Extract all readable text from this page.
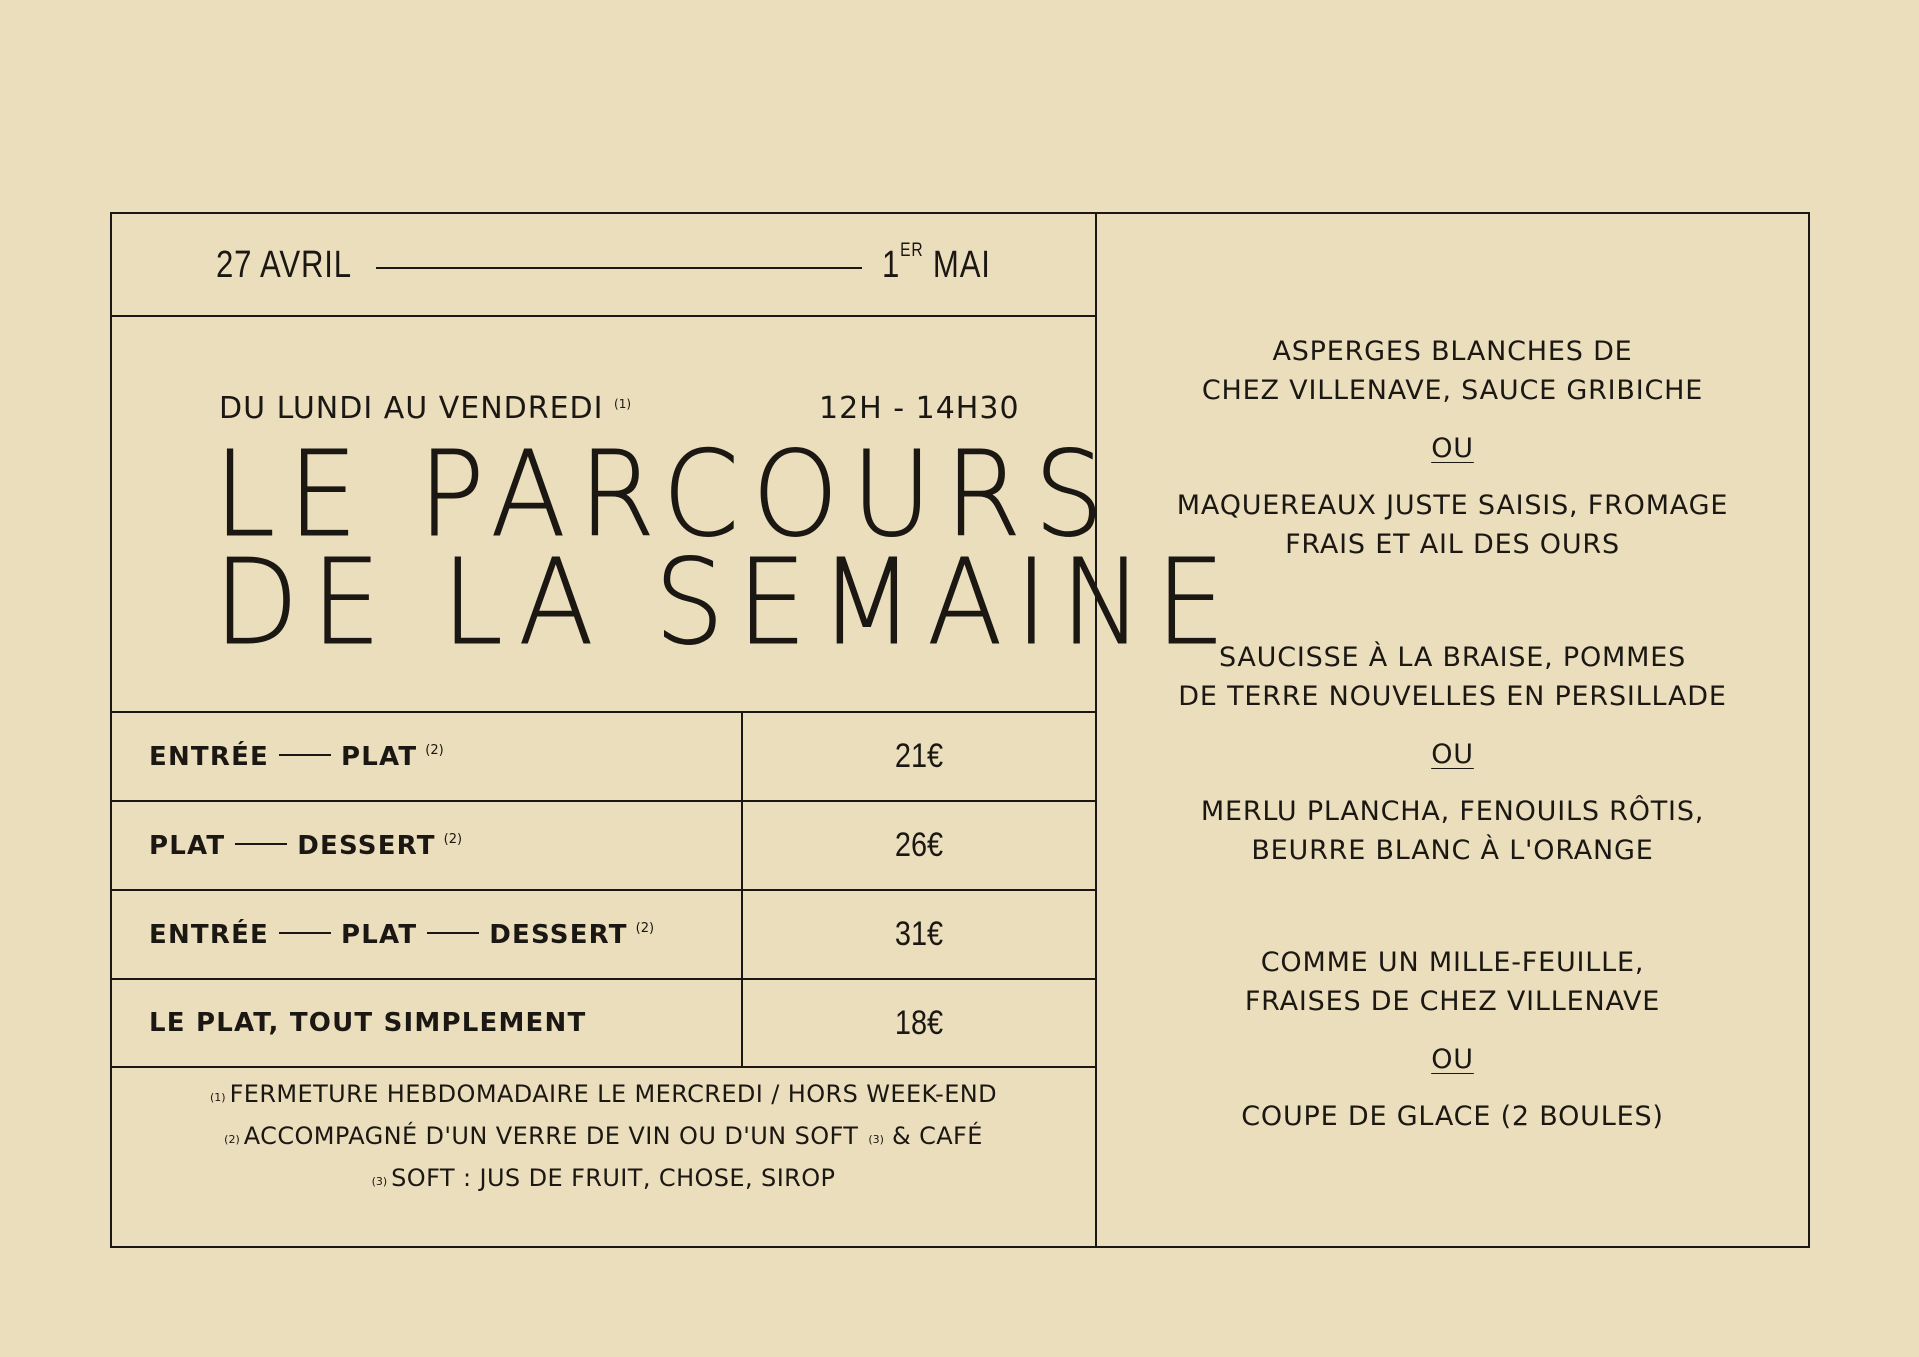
27 AVRIL	1ER MAI
DU LUNDI AU VENDREDI $^{(1)}$	12H - 14H30
LE PARCOURS
DE LA SEMAINE
ENTRÉE	PLAT (2)	21€
PLAT	DESSERT (2)	26€
ENTRÉE	PLAT	DESSERT (2)	31€
LE PLAT, TOUT SIMPLEMENT	18€
$^{(1)}$ FERMETURE HEBDOMADAIRE LE MERCREDI / HORS WEEK-END
$^{(2)}$ ACCOMPAGNÉ D'UN VERRE DE VIN OU D'UN SOFT $^{(3)}$ & CAFÉ
$^{(3)}$ SOFT : JUS DE FRUIT, CHOSE, SIROP
ASPERGES BLANCHES DE
CHEZ VILLENAVE, SAUCE GRIBICHE
OU
MAQUEREAUX JUSTE SAISIS, FROMAGE
FRAIS ET AIL DES OURS
SAUCISSE À LA BRAISE, POMMES
DE TERRE NOUVELLES EN PERSILLADE
OU
MERLU PLANCHA, FENOUILS RÔTIS,
BEURRE BLANC À L'ORANGE
COMME UN MILLE-FEUILLE,
FRAISES DE CHEZ VILLENAVE
OU
COUPE DE GLACE (2 BOULES)
